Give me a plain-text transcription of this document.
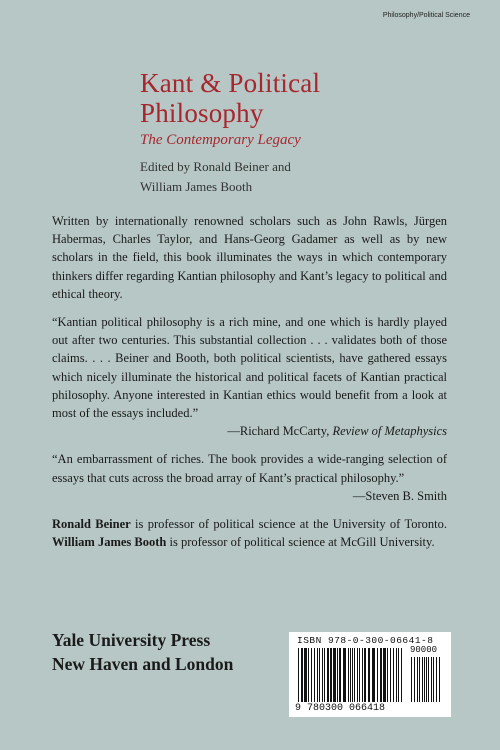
Philosophy/Political Science
Kant & Political
Philosophy
The Contemporary Legacy
Edited by Ronald Beiner and
William James Booth

Written by internationally renowned scholars such as John Rawls, Jürgen Habermas, Charles Taylor, and Hans-Georg Gadamer as well as by new scholars in the field, this book illuminates the ways in which contemporary thinkers differ regarding Kantian philosophy and Kant’s legacy to political and ethical theory.

“Kantian political philosophy is a rich mine, and one which is hardly played out after two centuries. This substantial collection . . . validates both of those claims. . . . Beiner and Booth, both political scientists, have gathered essays which nicely illuminate the historical and political facets of Kantian practical philosophy. Anyone interested in Kantian ethics would benefit from a look at most of the essays included.”
—Richard McCarty, Review of Metaphysics

“An embarrassment of riches. The book provides a wide-ranging selection of essays that cuts across the broad array of Kant’s practical philosophy.”
—Steven B. Smith

Ronald Beiner is professor of political science at the University of Toronto. William James Booth is professor of political science at McGill University.

Yale University Press
New Haven and London
ISBN 978-0-300-06641-8
90000
9 780300 066418
